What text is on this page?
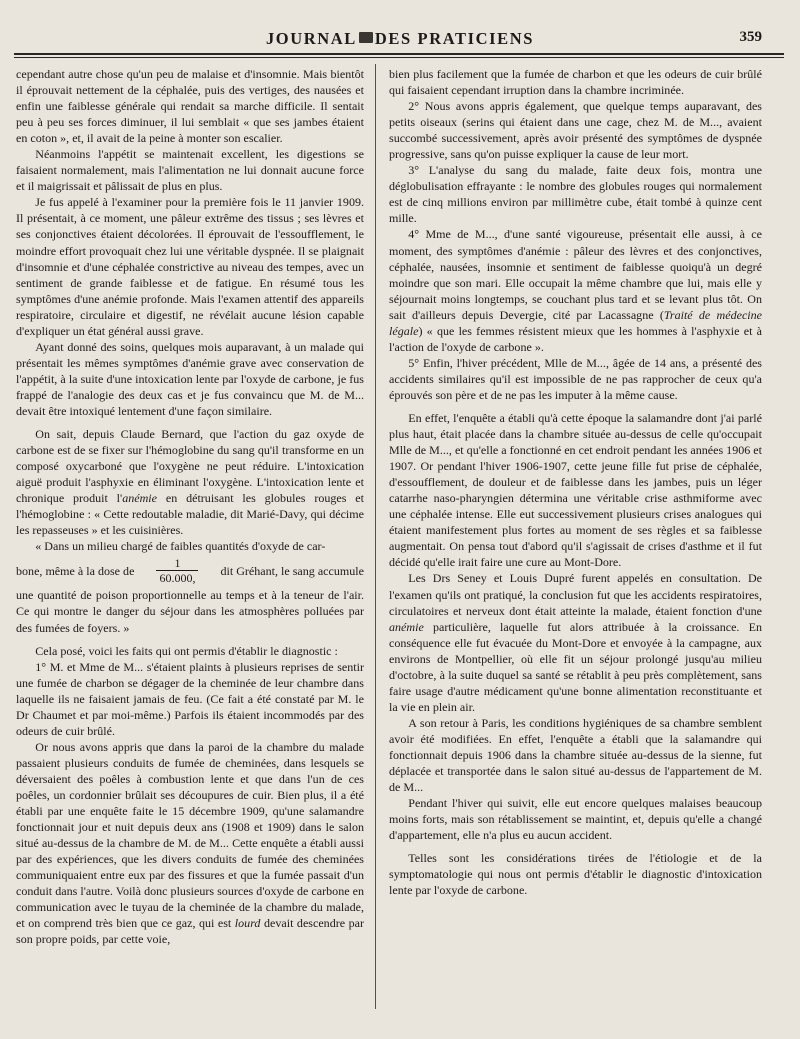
JOURNAL DES PRATICIENS	359

cependant autre chose qu'un peu de malaise et d'insomnie. Mais bientôt il éprouvait nettement de la céphalée, puis des vertiges, des nausées et enfin une faiblesse générale qui rendait sa marche difficile. Il sentait peu à peu ses forces diminuer, il lui semblait « que ses jambes étaient en coton », et, il avait de la peine à monter son escalier.

Néanmoins l'appétit se maintenait excellent, les digestions se faisaient normalement, mais l'alimentation ne lui donnait aucune force et il maigrissait et pâlissait de plus en plus.

Je fus appelé à l'examiner pour la première fois le 11 janvier 1909. Il présentait, à ce moment, une pâleur extrême des tissus ; ses lèvres et ses conjonctives étaient décolorées. Il éprouvait de l'essoufflement, le moindre effort provoquait chez lui une véritable dyspnée. Il se plaignait d'insomnie et d'une céphalée constrictive au niveau des tempes, avec un sentiment de grande faiblesse et de fatigue. En résumé tous les symptômes d'une anémie profonde. Mais l'examen attentif des appareils respiratoire, circulaire et digestif, ne révélait aucune lésion capable d'expliquer un état général aussi grave.

Ayant donné des soins, quelques mois auparavant, à un malade qui présentait les mêmes symptômes d'anémie grave avec conservation de l'appétit, à la suite d'une intoxication lente par l'oxyde de carbone, je fus frappé de l'analogie des deux cas et je fus convaincu que M. de M... devait être intoxiqué lentement d'une façon similaire.

On sait, depuis Claude Bernard, que l'action du gaz oxyde de carbone est de se fixer sur l'hémoglobine du sang qu'il transforme en un composé oxycarboné que l'oxygène ne peut réduire. L'intoxication aiguë produit l'asphyxie en éliminant l'oxygène. L'intoxication lente et chronique produit l'anémie en détruisant les globules rouges et l'hémoglobine : « Cette redoutable maladie, dit Marié-Davy, qui décime les repasseuses » et les cuisinières.

« Dans un milieu chargé de faibles quantités d'oxyde de car-

bone, même à la dose de $\frac{1}{60.000,}$ dit Gréhant, le sang accumule

une quantité de poison proportionnelle au temps et à la teneur de l'air. Ce qui montre le danger du séjour dans les atmosphères polluées par des fumées de foyers. »

Cela posé, voici les faits qui ont permis d'établir le diagnostic :

1° M. et Mme de M... s'étaient plaints à plusieurs reprises de sentir une fumée de charbon se dégager de la cheminée de leur chambre dans laquelle ils ne faisaient jamais de feu. (Ce fait a été constaté par M. le Dr Chaumet et par moi-même.) Parfois ils étaient incommodés par des odeurs de cuir brûlé.

Or nous avons appris que dans la paroi de la chambre du malade passaient plusieurs conduits de fumée de cheminées, dans lesquels se déversaient des poêles à combustion lente et que dans l'un de ces poêles, un cordonnier brûlait ses découpures de cuir. Bien plus, il a été établi par une enquête faite le 15 décembre 1909, qu'une salamandre fonctionnait jour et nuit depuis deux ans (1908 et 1909) dans le salon situé au-dessus de la chambre de M. de M... Cette enquête a établi aussi par des expériences, que les divers conduits de fumée des cheminées communiquaient entre eux par des fissures et que la fumée passait d'un conduit dans l'autre. Voilà donc plusieurs sources d'oxyde de carbone en communication avec le tuyau de la cheminée de la chambre du malade, et on comprend très bien que ce gaz, qui est lourd devait descendre par son propre poids, par cette voie,

bien plus facilement que la fumée de charbon et que les odeurs de cuir brûlé qui faisaient cependant irruption dans la chambre incriminée.

2° Nous avons appris également, que quelque temps auparavant, des petits oiseaux (serins qui étaient dans une cage, chez M. de M..., avaient succombé successivement, après avoir présenté des symptômes de dyspnée progressive, sans qu'on puisse expliquer la cause de leur mort.

3° L'analyse du sang du malade, faite deux fois, montra une déglobulisation effrayante : le nombre des globules rouges qui normalement est de cinq millions environ par millimètre cube, était tombé à quinze cent mille.

4° Mme de M..., d'une santé vigoureuse, présentait elle aussi, à ce moment, des symptômes d'anémie : pâleur des lèvres et des conjonctives, céphalée, nausées, insomnie et sentiment de faiblesse quoiqu'à un degré moindre que son mari. Elle occupait la même chambre que lui, mais elle y séjournait moins longtemps, se couchant plus tard et se levant plus tôt. On sait d'ailleurs depuis Devergie, cité par Lacassagne (Traité de médecine légale) « que les femmes résistent mieux que les hommes à l'asphyxie et à l'action de l'oxyde de carbone ».

5° Enfin, l'hiver précédent, Mlle de M..., âgée de 14 ans, a présenté des accidents similaires qu'il est impossible de ne pas rapprocher de ceux qu'a éprouvés son père et de ne pas les imputer à la même cause.

En effet, l'enquête a établi qu'à cette époque la salamandre dont j'ai parlé plus haut, était placée dans la chambre située au-dessus de celle qu'occupait Mlle de M..., et qu'elle a fonctionné en cet endroit pendant les années 1906 et 1907. Or pendant l'hiver 1906-1907, cette jeune fille fut prise de céphalée, d'essoufflement, de douleur et de faiblesse dans les jambes, puis un léger catarrhe naso-pharyngien détermina une véritable crise asthmiforme avec une céphalée intense. Elle eut successivement plusieurs crises analogues qui étaient manifestement plus fortes au moment de ses règles et sa faiblesse augmentait. On pensa tout d'abord qu'il s'agissait de crises d'asthme et il fut décidé qu'elle irait faire une cure au Mont-Dore.

Les Drs Seney et Louis Dupré furent appelés en consultation. De l'examen qu'ils ont pratiqué, la conclusion fut que les accidents respiratoires, circulatoires et nerveux dont était atteinte la malade, étaient fonction d'une anémie particulière, laquelle fut alors attribuée à la croissance. En conséquence elle fut évacuée du Mont-Dore et envoyée à la campagne, aux environs de Montpellier, où elle fit un séjour prolongé jusqu'au milieu d'octobre, à la suite duquel sa santé se rétablit à peu près complètement, sans faire usage d'autre médicament qu'une bonne alimentation reconstituante et la vie en plein air.

A son retour à Paris, les conditions hygiéniques de sa chambre semblent avoir été modifiées. En effet, l'enquête a établi que la salamandre qui fonctionnait depuis 1906 dans la chambre située au-dessus de la sienne, fut déplacée et transportée dans le salon situé au-dessus de l'appartement de M. de M...

Pendant l'hiver qui suivit, elle eut encore quelques malaises beaucoup moins forts, mais son rétablissement se maintint, et, depuis qu'elle a changé d'appartement, elle n'a plus eu aucun accident.

Telles sont les considérations tirées de l'étiologie et de la symptomatologie qui nous ont permis d'établir le diagnostic d'intoxication lente par l'oxyde de carbone.
